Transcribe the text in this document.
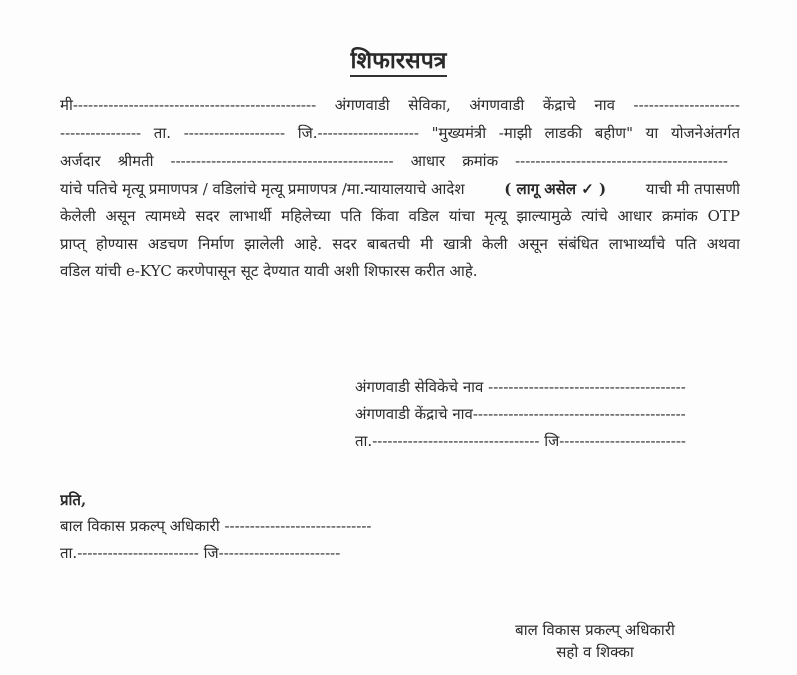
शिफारसपत्र
मी------------------------------------------------ अंगणवाडी सेविका, अंगणवाडी केंद्राचे नाव ---------------------
---------------- ता. -------------------- जि.-------------------- "मुख्यमंत्री -माझी लाडकी बहीण" या योजनेअंतर्गत
अर्जदार श्रीमती -------------------------------------------- आधार क्रमांक ------------------------------------------
यांचे पतिचे मृत्यू प्रमाणपत्र / वडिलांचे मृत्यू प्रमाणपत्र /मा.न्यायालयाचे आदेश	( लागू असेल ✓ )	याची मी तपासणी
केलेली असून त्यामध्ये सदर लाभार्थी महिलेच्या पति किंवा वडिल यांचा मृत्यू झाल्यामुळे त्यांचे आधार क्रमांक OTP
प्राप्त् होण्यास अडचण निर्माण झालेली आहे. सदर बाबतची मी खात्री केली असून संबंधित लाभार्थ्यांचे पति अथवा
वडिल यांची e-KYC करणेपासून सूट देण्यात यावी अशी शिफारस करीत आहे.
अंगणवाडी सेविकेचे नाव ---------------------------------------
अंगणवाडी केंद्राचे नाव------------------------------------------
ता.--------------------------------- जि-------------------------
प्रति,
बाल विकास प्रकल्प् अधिकारी -----------------------------
ता.------------------------ जि------------------------
बाल विकास प्रकल्प् अधिकारी
सहो व शिक्का
